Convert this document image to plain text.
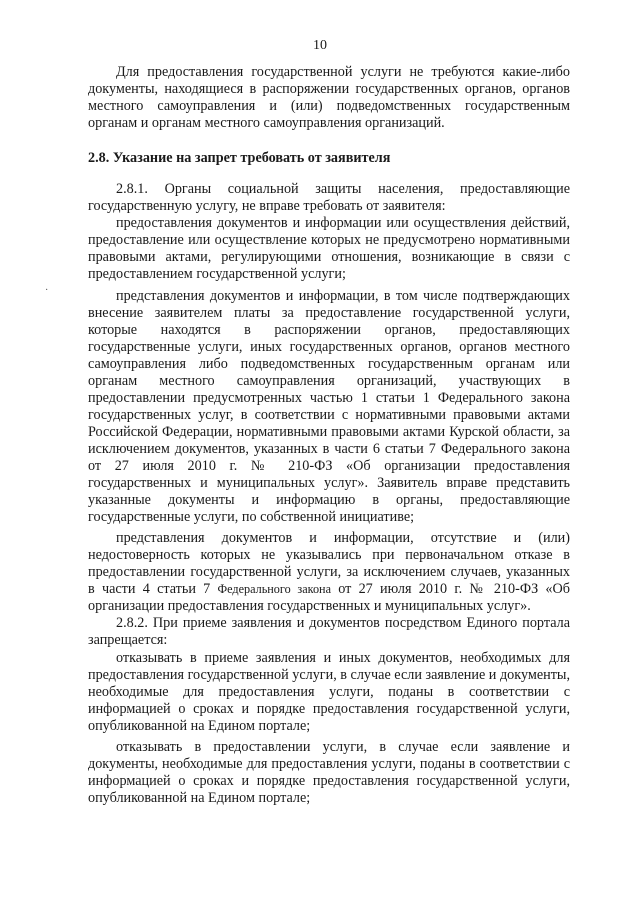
10
·

Для предоставления государственной услуги не требуются какие-либо документы, находящиеся в распоряжении государственных органов, органов местного самоуправления и (или) подведомственных государственным органам и органам местного самоуправления организаций.

2.8. Указание на запрет требовать от заявителя

2.8.1. Органы социальной защиты населения, предоставляющие государственную услугу, не вправе требовать от заявителя:

предоставления документов и информации или осуществления действий, предоставление или осуществление которых не предусмотрено нормативными правовыми актами, регулирующими отношения, возникающие в связи с предоставлением государственной услуги;

представления документов и информации, в том числе подтверждающих внесение заявителем платы за предоставление государственной услуги, которые находятся в распоряжении органов, предоставляющих государственные услуги, иных государственных органов, органов местного самоуправления либо подведомственных государственным органам или органам местного самоуправления организаций, участвующих в предоставлении предусмотренных частью 1 статьи 1 Федерального закона государственных услуг, в соответствии с нормативными правовыми актами Российской Федерации, нормативными правовыми актами Курской области, за исключением документов, указанных в части 6 статьи 7 Федерального закона от 27 июля 2010 г. № 210-ФЗ «Об организации предоставления государственных и муниципальных услуг». Заявитель вправе представить указанные документы и информацию в органы, предоставляющие государственные услуги, по собственной инициативе;

представления документов и информации, отсутствие и (или) недостоверность которых не указывались при первоначальном отказе в предоставлении государственной услуги, за исключением случаев, указанных в части 4 статьи 7 Федерального закона от 27 июля 2010 г. № 210-ФЗ «Об организации предоставления государственных и муниципальных услуг».

2.8.2. При приеме заявления и документов посредством Единого портала запрещается:

отказывать в приеме заявления и иных документов, необходимых для предоставления государственной услуги, в случае если заявление и документы, необходимые для предоставления услуги, поданы в соответствии с информацией о сроках и порядке предоставления государственной услуги, опубликованной на Едином портале;

отказывать в предоставлении услуги, в случае если заявление и документы, необходимые для предоставления услуги, поданы в соответствии с информацией о сроках и порядке предоставления государственной услуги, опубликованной на Едином портале;
